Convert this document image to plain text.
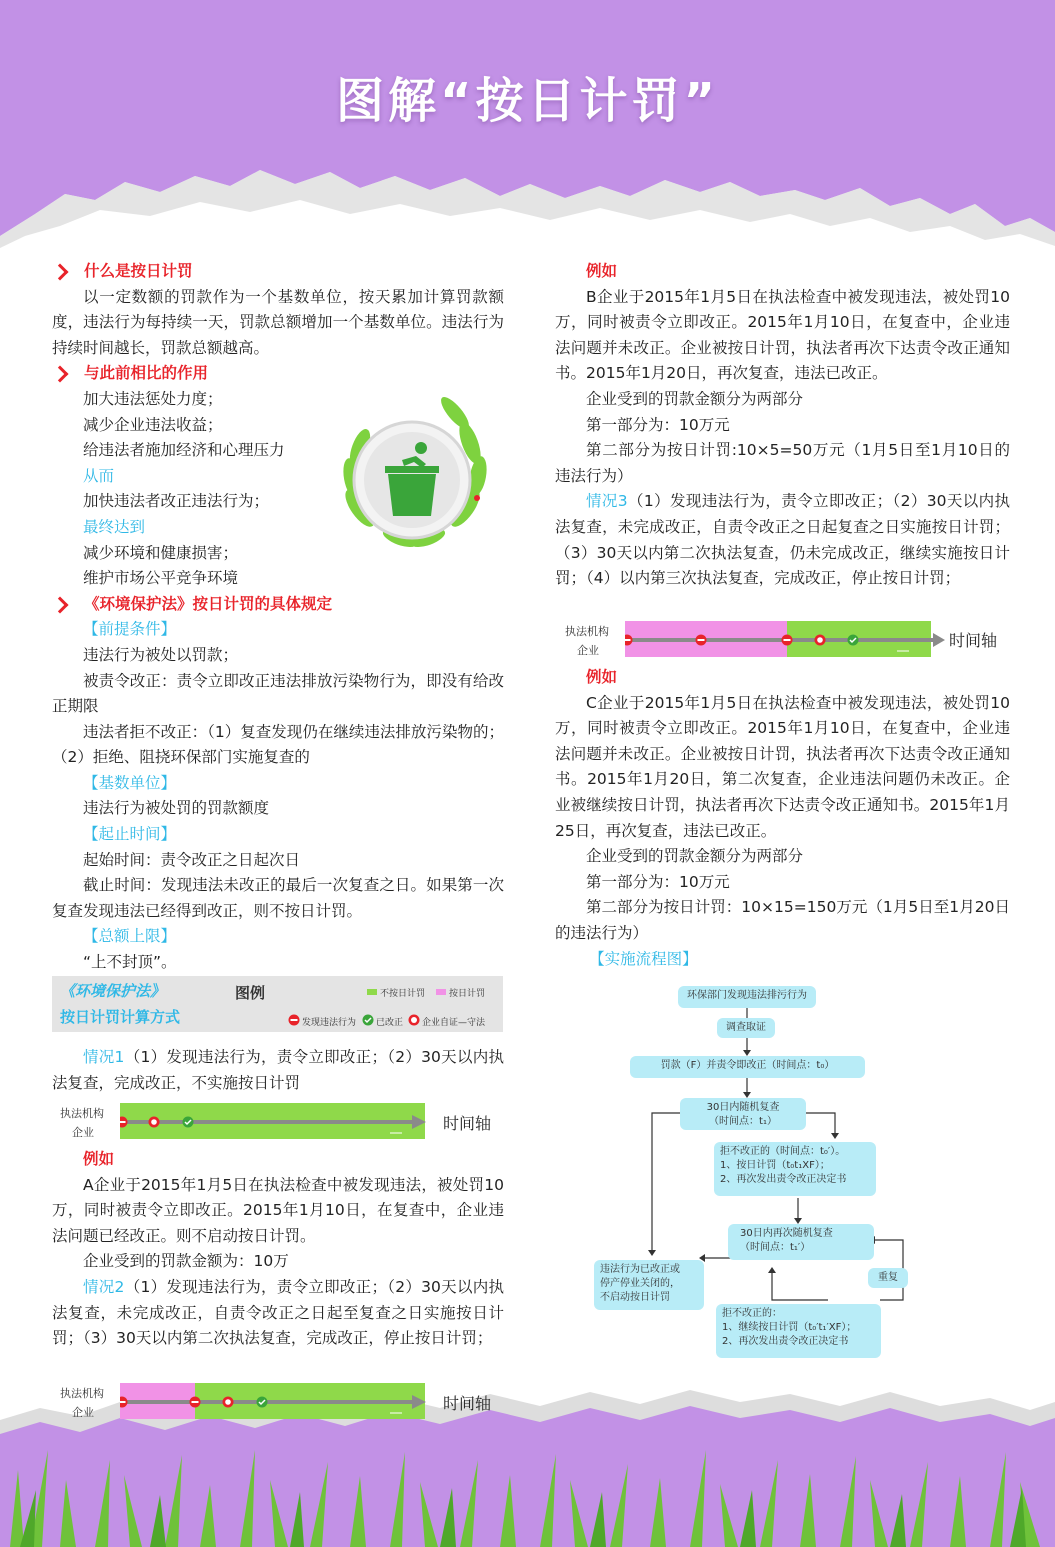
图解“按日计罚”
什么是按日计罚
以一定数额的罚款作为一个基数单位，按天累加计算罚款额度，违法行为每持续一天，罚款总额增加一个基数单位。违法行为持续时间越长，罚款总额越高。
与此前相比的作用
加大违法惩处力度；
减少企业违法收益；
给违法者施加经济和心理压力
从而
加快违法者改正违法行为；
最终达到
减少环境和健康损害；
维护市场公平竞争环境
《环境保护法》按日计罚的具体规定
【前提条件】
违法行为被处以罚款；
被责令改正：责令立即改正违法排放污染物行为，即没有给改正期限
违法者拒不改正：（1）复查发现仍在继续违法排放污染物的；（2）拒绝、阻挠环保部门实施复查的
【基数单位】
违法行为被处罚的罚款额度
【起止时间】
起始时间：责令改正之日起次日
截止时间：发现违法未改正的最后一次复查之日。如果第一次复查发现违法已经得到改正，则不按日计罚。
【总额上限】
“上不封顶”。
《环境保护法》
按日计罚计算方式
图例	不按日计罚	按日计罚
发现违法行为 已改正 企业自证—守法
情况1（1）发现违法行为，责令立即改正；（2）30天以内执法复查，完成改正，不实施按日计罚
执法机构
企业	时间轴
例如
A企业于2015年1月5日在执法检查中被发现违法，被处罚10万，同时被责令立即改正。2015年1月10日，在复查中，企业违法问题已经改正。则不启动按日计罚。
企业受到的罚款金额为：10万
情况2（1）发现违法行为，责令立即改正；（2）30天以内执法复查，未完成改正，自责令改正之日起至复查之日实施按日计罚；（3）30天以内第二次执法复查，完成改正，停止按日计罚；
执法机构
企业	时间轴
例如
B企业于2015年1月5日在执法检查中被发现违法，被处罚10万，同时被责令立即改正。2015年1月10日，在复查中，企业违法问题并未改正。企业被按日计罚，执法者再次下达责令改正通知书。2015年1月20日，再次复查，违法已改正。
企业受到的罚款金额分为两部分
第一部分为：10万元
第二部分为按日计罚:10×5=50万元（1月5日至1月10日的违法行为）
情况3（1）发现违法行为，责令立即改正；（2）30天以内执法复查，未完成改正，自责令改正之日起复查之日实施按日计罚；（3）30天以内第二次执法复查，仍未完成改正，继续实施按日计罚；（4）以内第三次执法复查，完成改正，停止按日计罚；
执法机构
企业
时间轴
例如
C企业于2015年1月5日在执法检查中被发现违法，被处罚10万，同时被责令立即改正。2015年1月10日，在复查中，企业违法问题并未改正。企业被按日计罚，执法者再次下达责令改正通知书。2015年1月20日，第二次复查，企业违法问题仍未改正。企业被继续按日计罚，执法者再次下达责令改正通知书。2015年1月25日，再次复查，违法已改正。
企业受到的罚款金额分为两部分
第一部分为：10万元
第二部分为按日计罚：10×15=150万元（1月5日至1月20日的违法行为）
【实施流程图】
环保部门发现违法排污行为
调查取证
罚款（F）并责令即改正（时间点：t₀）
30日内随机复查
（时间点：t₁）
拒不改正的（时间点：t₀′）。
1、按日计罚（t₀t₁XF）；
2、再次发出责令改正决定书
30日内再次随机复查
（时间点：t₁′）
违法行为已改正或
停产停业关闭的，
不启动按日计罚
重复
拒不改正的：
1、继续按日计罚（t₀′t₁′XF）；
2、再次发出责令改正决定书
